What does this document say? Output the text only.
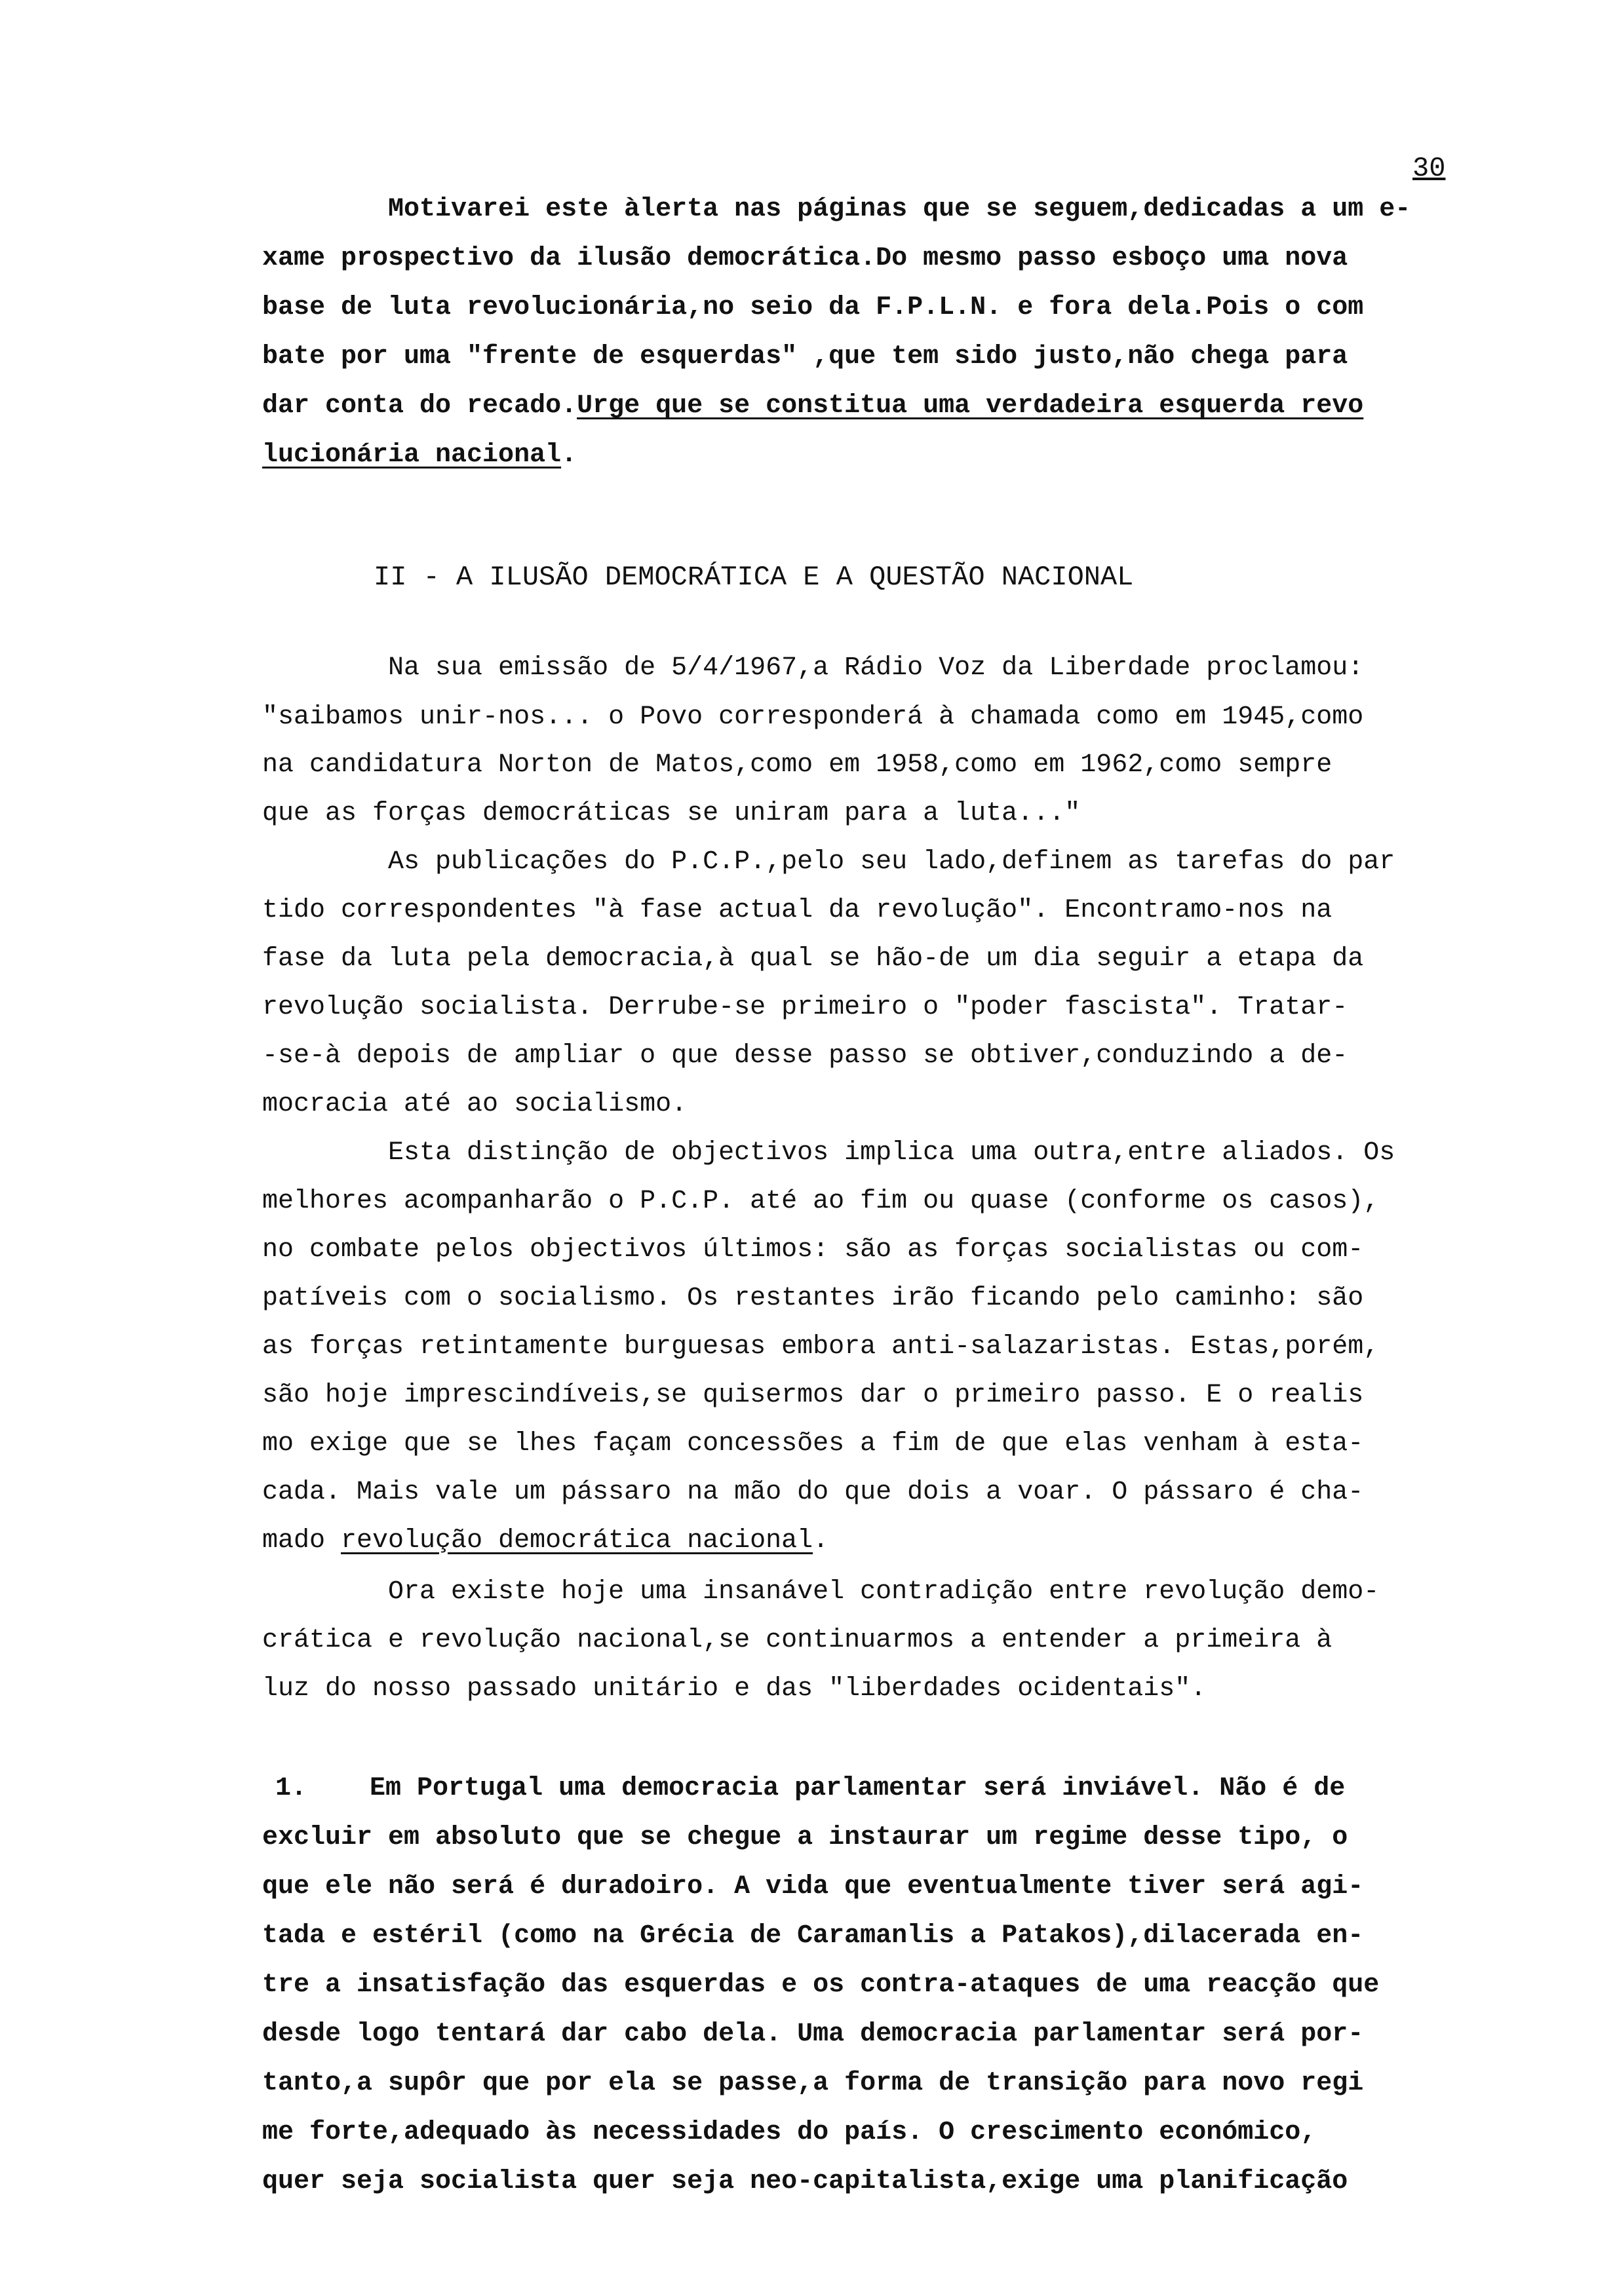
30
Motivarei este àlerta nas páginas que se seguem,dedicadas a um e-
xame prospectivo da ilusão democrática.Do mesmo passo esboço uma nova
base de luta revolucionária,no seio da F.P.L.N. e fora dela.Pois o com
bate por uma "frente de esquerdas" ,que tem sido justo,não chega para
dar conta do recado.Urge que se constitua uma verdadeira esquerda revo
lucionária nacional.
II - A ILUSÃO DEMOCRÁTICA E A QUESTÃO NACIONAL
Na sua emissão de 5/4/1967,a Rádio Voz da Liberdade proclamou:
"saibamos unir-nos... o Povo corresponderá à chamada como em 1945,como
na candidatura Norton de Matos,como em 1958,como em 1962,como sempre
que as forças democráticas se uniram para a luta..."
As publicações do P.C.P.,pelo seu lado,definem as tarefas do par
tido correspondentes "à fase actual da revolução". Encontramo-nos na
fase da luta pela democracia,à qual se hão-de um dia seguir a etapa da
revolução socialista. Derrube-se primeiro o "poder fascista". Tratar-
-se-à depois de ampliar o que desse passo se obtiver,conduzindo a de-
mocracia até ao socialismo.
Esta distinção de objectivos implica uma outra,entre aliados. Os
melhores acompanharão o P.C.P. até ao fim ou quase (conforme os casos),
no combate pelos objectivos últimos: são as forças socialistas ou com-
patíveis com o socialismo. Os restantes irão ficando pelo caminho: são
as forças retintamente burguesas embora anti-salazaristas. Estas,porém,
são hoje imprescindíveis,se quisermos dar o primeiro passo. E o realis
mo exige que se lhes façam concessões a fim de que elas venham à esta-
cada. Mais vale um pássaro na mão do que dois a voar. O pássaro é cha-
mado revolução democrática nacional.
Ora existe hoje uma insanável contradição entre revolução demo-
crática e revolução nacional,se continuarmos a entender a primeira à
luz do nosso passado unitário e das "liberdades ocidentais".
1.    Em Portugal uma democracia parlamentar será inviável. Não é de
excluir em absoluto que se chegue a instaurar um regime desse tipo, o
que ele não será é duradoiro. A vida que eventualmente tiver será agi-
tada e estéril (como na Grécia de Caramanlis a Patakos),dilacerada en-
tre a insatisfação das esquerdas e os contra-ataques de uma reacção que
desde logo tentará dar cabo dela. Uma democracia parlamentar será por-
tanto,a supôr que por ela se passe,a forma de transição para novo regi
me forte,adequado às necessidades do país. O crescimento económico,
quer seja socialista quer seja neo-capitalista,exige uma planificação
